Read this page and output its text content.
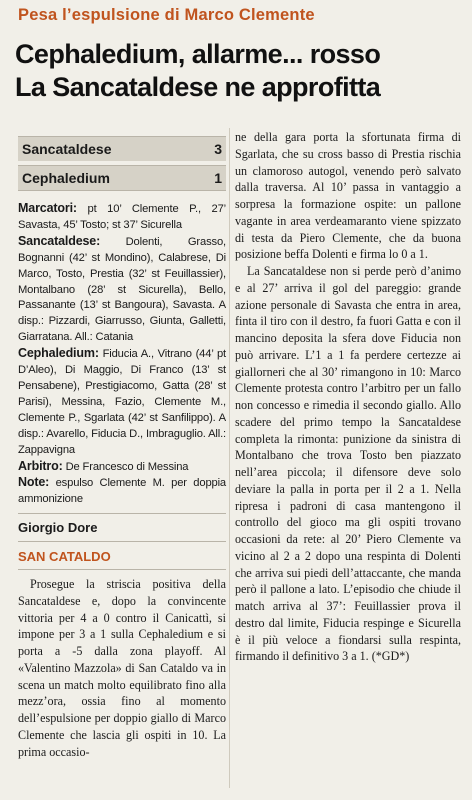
Pesa l’espulsione di Marco Clemente
Cephaledium, allarme... rosso
La Sancataldese ne approfitta
Sancataldese	3
Cephaledium	1

Marcatori: pt 10’ Clemente P., 27’ Savasta, 45’ Tosto; st 37’ Sicurella

Sancataldese: Dolenti, Grasso, Bognanni (42’ st Mondino), Calabrese, Di Marco, Tosto, Prestia (32’ st Feuillassier), Montalbano (28’ st Sicurella), Bello, Passanante (13’ st Bangoura), Savasta. A disp.: Pizzardi, Giarrusso, Giunta, Galletti, Giarratana. All.: Catania

Cephaledium: Fiducia A., Vitrano (44’ pt D’Aleo), Di Maggio, Di Franco (13’ st Pensabene), Prestigiacomo, Gatta (28’ st Parisi), Messina, Fazio, Clemente M., Clemente P., Sgarlata (42’ st Sanfilippo). A disp.: Avarello, Fiducia D., Imbraguglio. All.: Zappavigna

Arbitro: De Francesco di Messina

Note: espulso Clemente M. per doppia ammonizione

Giorgio Dore
SAN CATALDO

Prosegue la striscia positiva della Sancataldese e, dopo la convincente vittoria per 4 a 0 contro il Canicattì, si impone per 3 a 1 sulla Cephaledium e si porta a -5 dalla zona playoff. Al «Valentino Mazzola» di San Cataldo va in scena un match molto equilibrato fino alla mezz’ora, ossia fino al momento dell’espulsione per doppio giallo di Marco Clemente che lascia gli ospiti in 10. La prima occasio-

ne della gara porta la sfortunata firma di Sgarlata, che su cross basso di Prestia rischia un clamoroso autogol, venendo però salvato dalla traversa. Al 10’ passa in vantaggio a sorpresa la formazione ospite: un pallone vagante in area verdeamaranto viene spizzato di testa da Piero Clemente, che da buona posizione beffa Dolenti e firma lo 0 a 1.

La Sancataldese non si perde però d’animo e al 27’ arriva il gol del pareggio: grande azione personale di Savasta che entra in area, finta il tiro con il destro, fa fuori Gatta e con il mancino deposita la sfera dove Fiducia non può arrivare. L’1 a 1 fa perdere certezze ai giallorneri che al 30’ rimangono in 10: Marco Clemente protesta contro l’arbitro per un fallo non concesso e rimedia il secondo giallo. Allo scadere del primo tempo la Sancataldese completa la rimonta: punizione da sinistra di Montalbano che trova Tosto ben piazzato nell’area piccola; il difensore deve solo deviare la palla in porta per il 2 a 1. Nella ripresa i padroni di casa mantengono il controllo del gioco ma gli ospiti trovano occasioni da rete: al 20’ Piero Clemente va vicino al 2 a 2 dopo una respinta di Dolenti che arriva sui piedi dell’attaccante, che manda però il pallone a lato. L’episodio che chiude il match arriva al 37’: Feuillassier prova il destro dal limite, Fiducia respinge e Sicurella è il più veloce a fiondarsi sulla respinta, firmando il definitivo 3 a 1. (*GD*)
